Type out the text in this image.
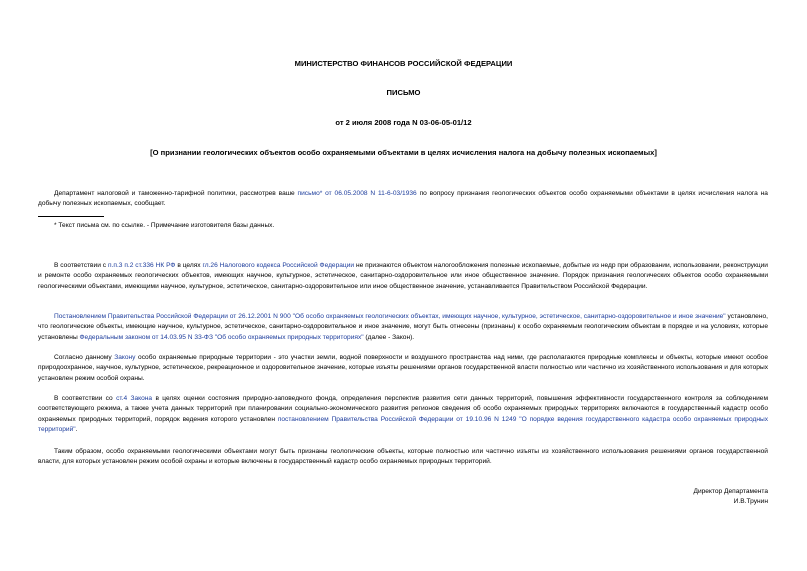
МИНИСТЕРСТВО ФИНАНСОВ РОССИЙСКОЙ ФЕДЕРАЦИИ
ПИСЬМО
от 2 июля 2008 года N 03-06-05-01/12
[О признании геологических объектов особо охраняемыми объектами в целях исчисления налога на добычу полезных ископаемых]
Департамент налоговой и таможенно-тарифной политики, рассмотрев ваше письмо* от 06.05.2008 N 11-6-03/1936 по вопросу признания геологических объектов особо охраняемыми объектами в целях исчисления налога на добычу полезных ископаемых, сообщает.
* Текст письма см. по ссылке. - Примечание изготовителя базы данных.
В соответствии с п.п.3 п.2 ст.336 НК РФ в целях гл.26 Налогового кодекса Российской Федерации не признаются объектом налогообложения полезные ископаемые, добытые из недр при образовании, использовании, реконструкции и ремонте особо охраняемых геологических объектов, имеющих научное, культурное, эстетическое, санитарно-оздоровительное или иное общественное значение. Порядок признания геологических объектов особо охраняемыми геологическими объектами, имеющими научное, культурное, эстетическое, санитарно-оздоровительное или иное общественное значение, устанавливается Правительством Российской Федерации.
Постановлением Правительства Российской Федерации от 26.12.2001 N 900 "Об особо охраняемых геологических объектах, имеющих научное, культурное, эстетическое, санитарно-оздоровительное и иное значение" установлено, что геологические объекты, имеющие научное, культурное, эстетическое, санитарно-оздоровительное и иное значение, могут быть отнесены (признаны) к особо охраняемым геологическим объектам в порядке и на условиях, которые установлены Федеральным законом от 14.03.95 N 33-ФЗ "Об особо охраняемых природных территориях" (далее - Закон).
Согласно данному Закону особо охраняемые природные территории - это участки земли, водной поверхности и воздушного пространства над ними, где располагаются природные комплексы и объекты, которые имеют особое природоохранное, научное, культурное, эстетическое, рекреационное и оздоровительное значение, которые изъяты решениями органов государственной власти полностью или частично из хозяйственного использования и для которых установлен режим особой охраны.
В соответствии со ст.4 Закона в целях оценки состояния природно-заповедного фонда, определения перспектив развития сети данных территорий, повышения эффективности государственного контроля за соблюдением соответствующего режима, а также учета данных территорий при планировании социально-экономического развития регионов сведения об особо охраняемых природных территориях включаются в государственный кадастр особо охраняемых природных территорий, порядок ведения которого установлен постановлением Правительства Российской Федерации от 19.10.96 N 1249 "О порядке ведения государственного кадастра особо охраняемых природных территорий".
Таким образом, особо охраняемыми геологическими объектами могут быть признаны геологические объекты, которые полностью или частично изъяты из хозяйственного использования решениями органов государственной власти, для которых установлен режим особой охраны и которые включены в государственный кадастр особо охраняемых природных территорий.
Директор Департамента
И.В.Трунин
